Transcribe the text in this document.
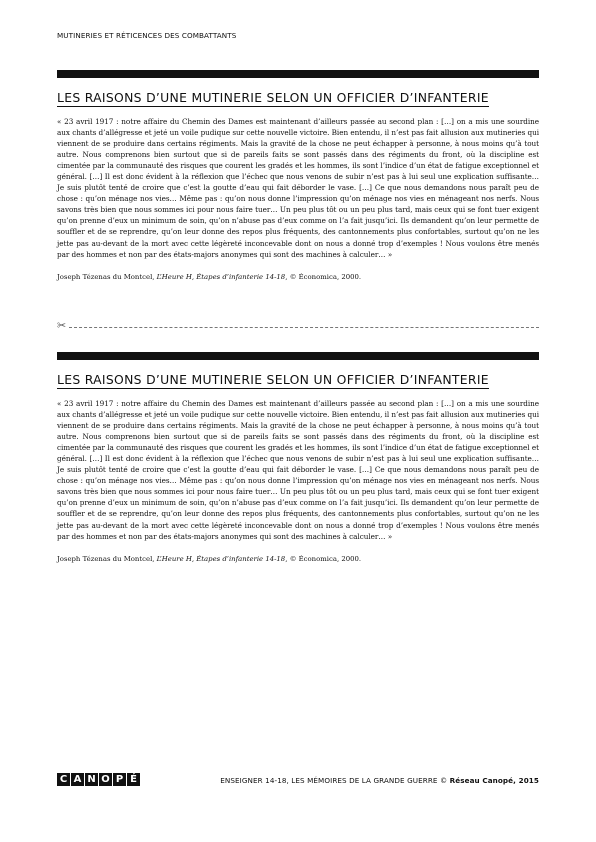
MUTINERIES ET RÉTICENCES DES COMBATTANTS
LES RAISONS D’UNE MUTINERIE SELON UN OFFICIER D’INFANTERIE
« 23 avril 1917 : notre affaire du Chemin des Dames est maintenant d’ailleurs passée au second plan : […] on a mis une sourdine aux chants d’allégresse et jeté un voile pudique sur cette nouvelle victoire. Bien entendu, il n’est pas fait allusion aux mutineries qui viennent de se produire dans certains régiments. Mais la gravité de la chose ne peut échapper à personne, à nous moins qu’à tout autre. Nous comprenons bien surtout que si de pareils faits se sont passés dans des régiments du front, où la discipline est cimentée par la communauté des risques que courent les gradés et les hommes, ils sont l’indice d’un état de fatigue exceptionnel et général. […] Il est donc évident à la réflexion que l’échec que nous venons de subir n’est pas à lui seul une explication suffisante… Je suis plutôt tenté de croire que c’est la goutte d’eau qui fait déborder le vase. […] Ce que nous demandons nous paraît peu de chose : qu’on ménage nos vies… Même pas : qu’on nous donne l’impression qu’on ménage nos vies en ménageant nos nerfs. Nous savons très bien que nous sommes ici pour nous faire tuer… Un peu plus tôt ou un peu plus tard, mais ceux qui se font tuer exigent qu’on prenne d’eux un minimum de soin, qu’on n’abuse pas d’eux comme on l’a fait jusqu’ici. Ils demandent qu’on leur permette de souffler et de se reprendre, qu’on leur donne des repos plus fréquents, des cantonnements plus confortables, surtout qu’on ne les jette pas au-devant de la mort avec cette légèreté inconcevable dont on nous a donné trop d’exemples ! Nous voulons être menés par des hommes et non par des états-majors anonymes qui sont des machines à calculer… »
Joseph Tézenas du Montcel, L’Heure H, Étapes d’infanterie 14-18, © Économica, 2000.
✂
LES RAISONS D’UNE MUTINERIE SELON UN OFFICIER D’INFANTERIE
« 23 avril 1917 : notre affaire du Chemin des Dames est maintenant d’ailleurs passée au second plan : […] on a mis une sourdine aux chants d’allégresse et jeté un voile pudique sur cette nouvelle victoire. Bien entendu, il n’est pas fait allusion aux mutineries qui viennent de se produire dans certains régiments. Mais la gravité de la chose ne peut échapper à personne, à nous moins qu’à tout autre. Nous comprenons bien surtout que si de pareils faits se sont passés dans des régiments du front, où la discipline est cimentée par la communauté des risques que courent les gradés et les hommes, ils sont l’indice d’un état de fatigue exceptionnel et général. […] Il est donc évident à la réflexion que l’échec que nous venons de subir n’est pas à lui seul une explication suffisante… Je suis plutôt tenté de croire que c’est la goutte d’eau qui fait déborder le vase. […] Ce que nous demandons nous paraît peu de chose : qu’on ménage nos vies… Même pas : qu’on nous donne l’impression qu’on ménage nos vies en ménageant nos nerfs. Nous savons très bien que nous sommes ici pour nous faire tuer… Un peu plus tôt ou un peu plus tard, mais ceux qui se font tuer exigent qu’on prenne d’eux un minimum de soin, qu’on n’abuse pas d’eux comme on l’a fait jusqu’ici. Ils demandent qu’on leur permette de souffler et de se reprendre, qu’on leur donne des repos plus fréquents, des cantonnements plus confortables, surtout qu’on ne les jette pas au-devant de la mort avec cette légèreté inconcevable dont on nous a donné trop d’exemples ! Nous voulons être menés par des hommes et non par des états-majors anonymes qui sont des machines à calculer… »
Joseph Tézenas du Montcel, L’Heure H, Étapes d’infanterie 14-18, © Économica, 2000.
C A N O P É	ENSEIGNER 14-18, LES MÉMOIRES DE LA GRANDE GUERRE © Réseau Canopé, 2015
